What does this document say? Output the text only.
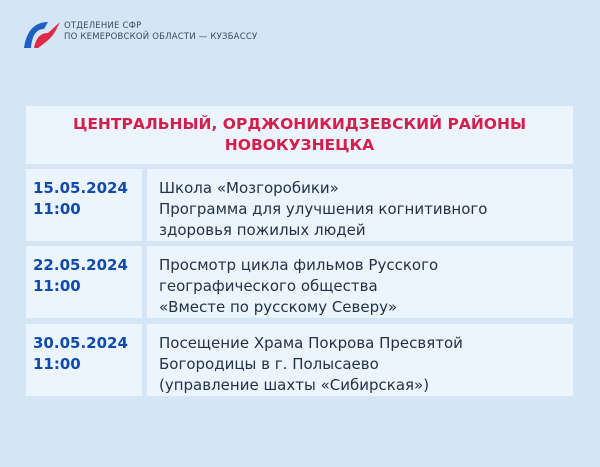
ОТДЕЛЕНИЕ СФР
ПО КЕМЕРОВСКОЙ ОБЛАСТИ — КУЗБАССУ
ЦЕНТРАЛЬНЫЙ, ОРДЖОНИКИДЗЕВСКИЙ РАЙОНЫ
НОВОКУЗНЕЦКА
15.05.2024
11:00
Школа «Мозгоробики»
Программа для улучшения когнитивного
здоровья пожилых людей
22.05.2024
11:00
Просмотр цикла фильмов Русского
географического общества
«Вместе по русскому Северу»
30.05.2024
11:00
Посещение Храма Покрова Пресвятой
Богородицы в г. Полысаево
(управление шахты «Сибирская»)
